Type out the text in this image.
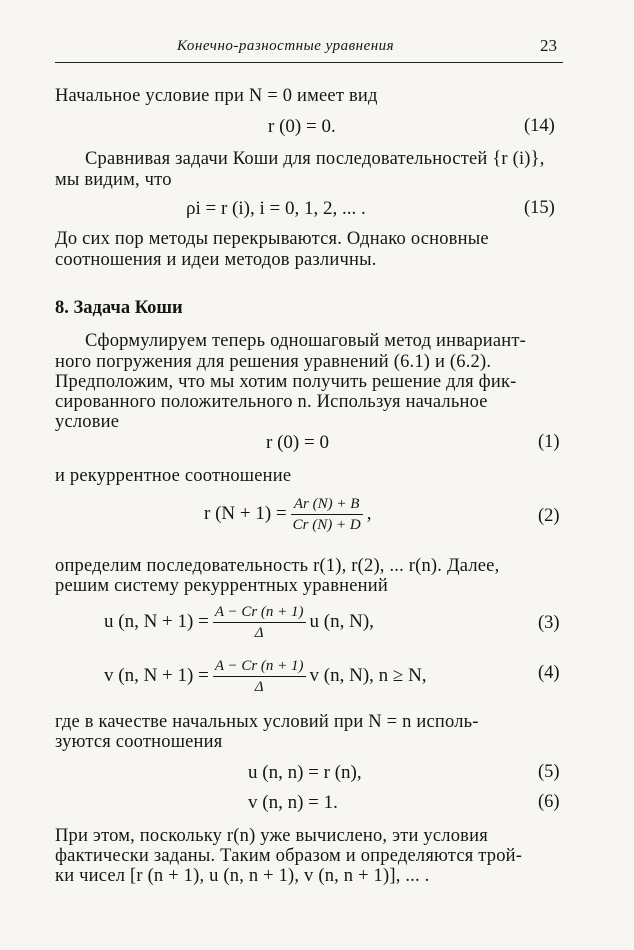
Конечно-разностные уравнения	23
Начальное условие при N = 0 имеет вид
r (0) = 0.	(14)
Сравнивая задачи Коши для последовательностей {r (i)},
мы видим, что
ρi = r (i), i = 0, 1, 2, ... .	(15)
До сих пор методы перекрываются. Однако основные
соотношения и идеи методов различны.
8. Задача Коши
Сформулируем теперь одношаговый метод инвариант-
ного погружения для решения уравнений (6.1) и (6.2).
Предположим, что мы хотим получить решение для фик-
сированного положительного n. Используя начальное
условие
r (0) = 0	(1)
и рекуррентное соотношение
r $(N + 1) = \frac{Ar (N) + B}{Cr (N) + D}$ ,	(2)
определим последовательность r(1), r(2), ... r(n). Далее,
решим систему рекуррентных уравнений
u (n, $N + 1) = \frac{A - Cr (n + 1)}{\Delta}$ u (n, N),	(3)
v (n, $N + 1) = \frac{A - Cr (n + 1)}{\Delta}$ v (n, N), n ≥ N,	(4)
где в качестве начальных условий при N = n исполь-
зуются соотношения
u (n, n) = r (n),	(5)
v (n, n) = 1.	(6)
При этом, поскольку r(n) уже вычислено, эти условия
фактически заданы. Таким образом и определяются трой-
ки чисел [r (n + 1), u (n, n + 1), v (n, n + 1)], ... .
